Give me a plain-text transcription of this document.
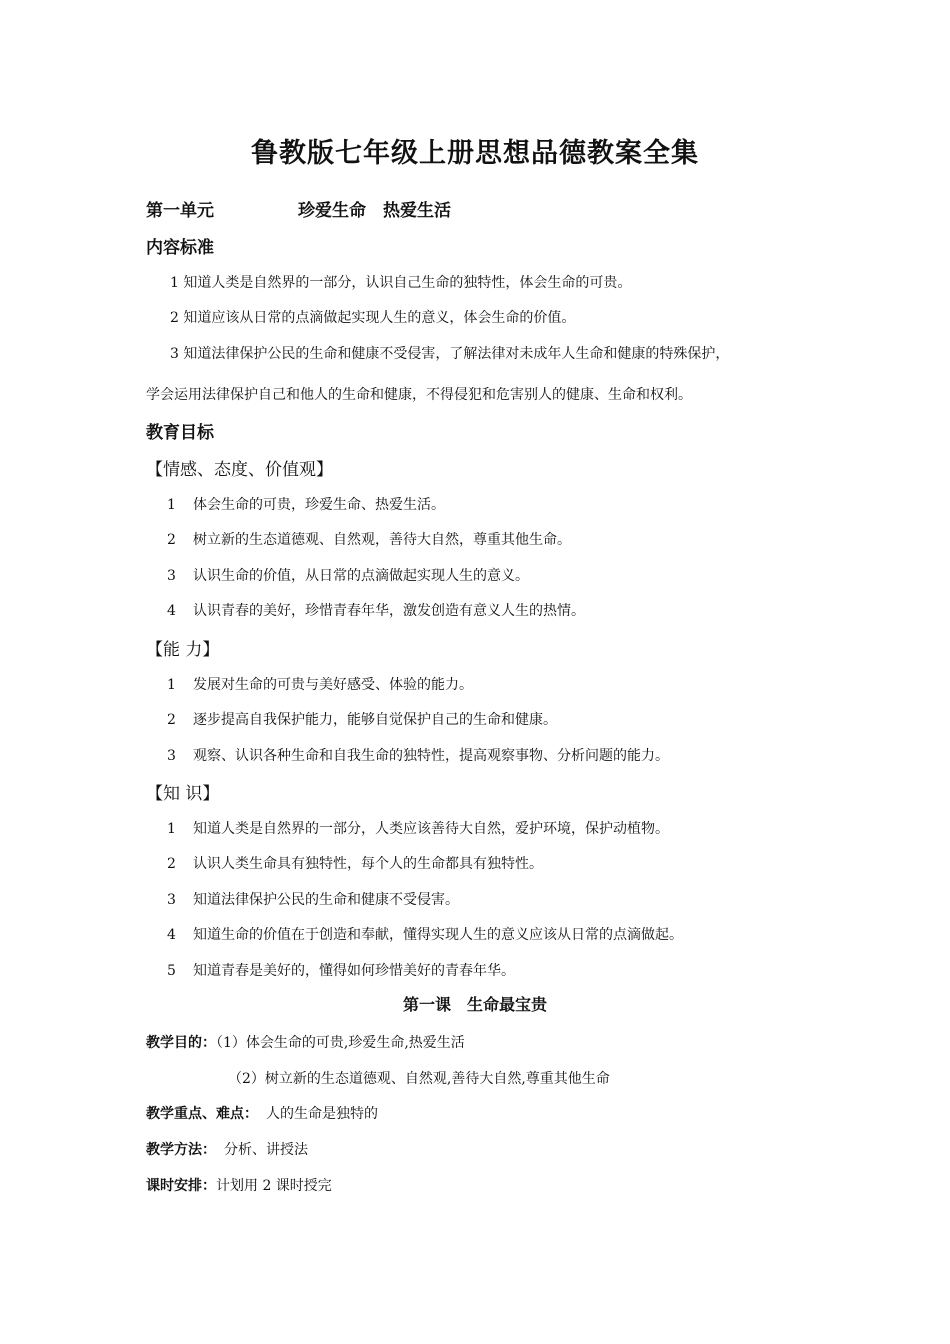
鲁教版七年级上册思想品德教案全集
第一单元	珍爱生命　热爱生活
内容标准
1 知道人类是自然界的一部分，认识自己生命的独特性，体会生命的可贵。
2 知道应该从日常的点滴做起实现人生的意义，体会生命的价值。
3 知道法律保护公民的生命和健康不受侵害，了解法律对未成年人生命和健康的特殊保护，
学会运用法律保护自己和他人的生命和健康，不得侵犯和危害别人的健康、生命和权利。
教育目标
【情感、态度、价值观】
1 体会生命的可贵，珍爱生命、热爱生活。
2 树立新的生态道德观、自然观，善待大自然，尊重其他生命。
3 认识生命的价值，从日常的点滴做起实现人生的意义。
4 认识青春的美好，珍惜青春年华，激发创造有意义人生的热情。
【能 力】
1 发展对生命的可贵与美好感受、体验的能力。
2 逐步提高自我保护能力，能够自觉保护自己的生命和健康。
3 观察、认识各种生命和自我生命的独特性，提高观察事物、分析问题的能力。
【知 识】
1 知道人类是自然界的一部分，人类应该善待大自然，爱护环境，保护动植物。
2 认识人类生命具有独特性，每个人的生命都具有独特性。
3 知道法律保护公民的生命和健康不受侵害。
4 知道生命的价值在于创造和奉献，懂得实现人生的意义应该从日常的点滴做起。
5 知道青春是美好的，懂得如何珍惜美好的青春年华。
第一课　生命最宝贵
教学目的：（1）体会生命的可贵,珍爱生命,热爱生活
（2）树立新的生态道德观、自然观,善待大自然,尊重其他生命
教学重点、难点： 人的生命是独特的
教学方法： 分析、讲授法
课时安排：计划用 2 课时授完
